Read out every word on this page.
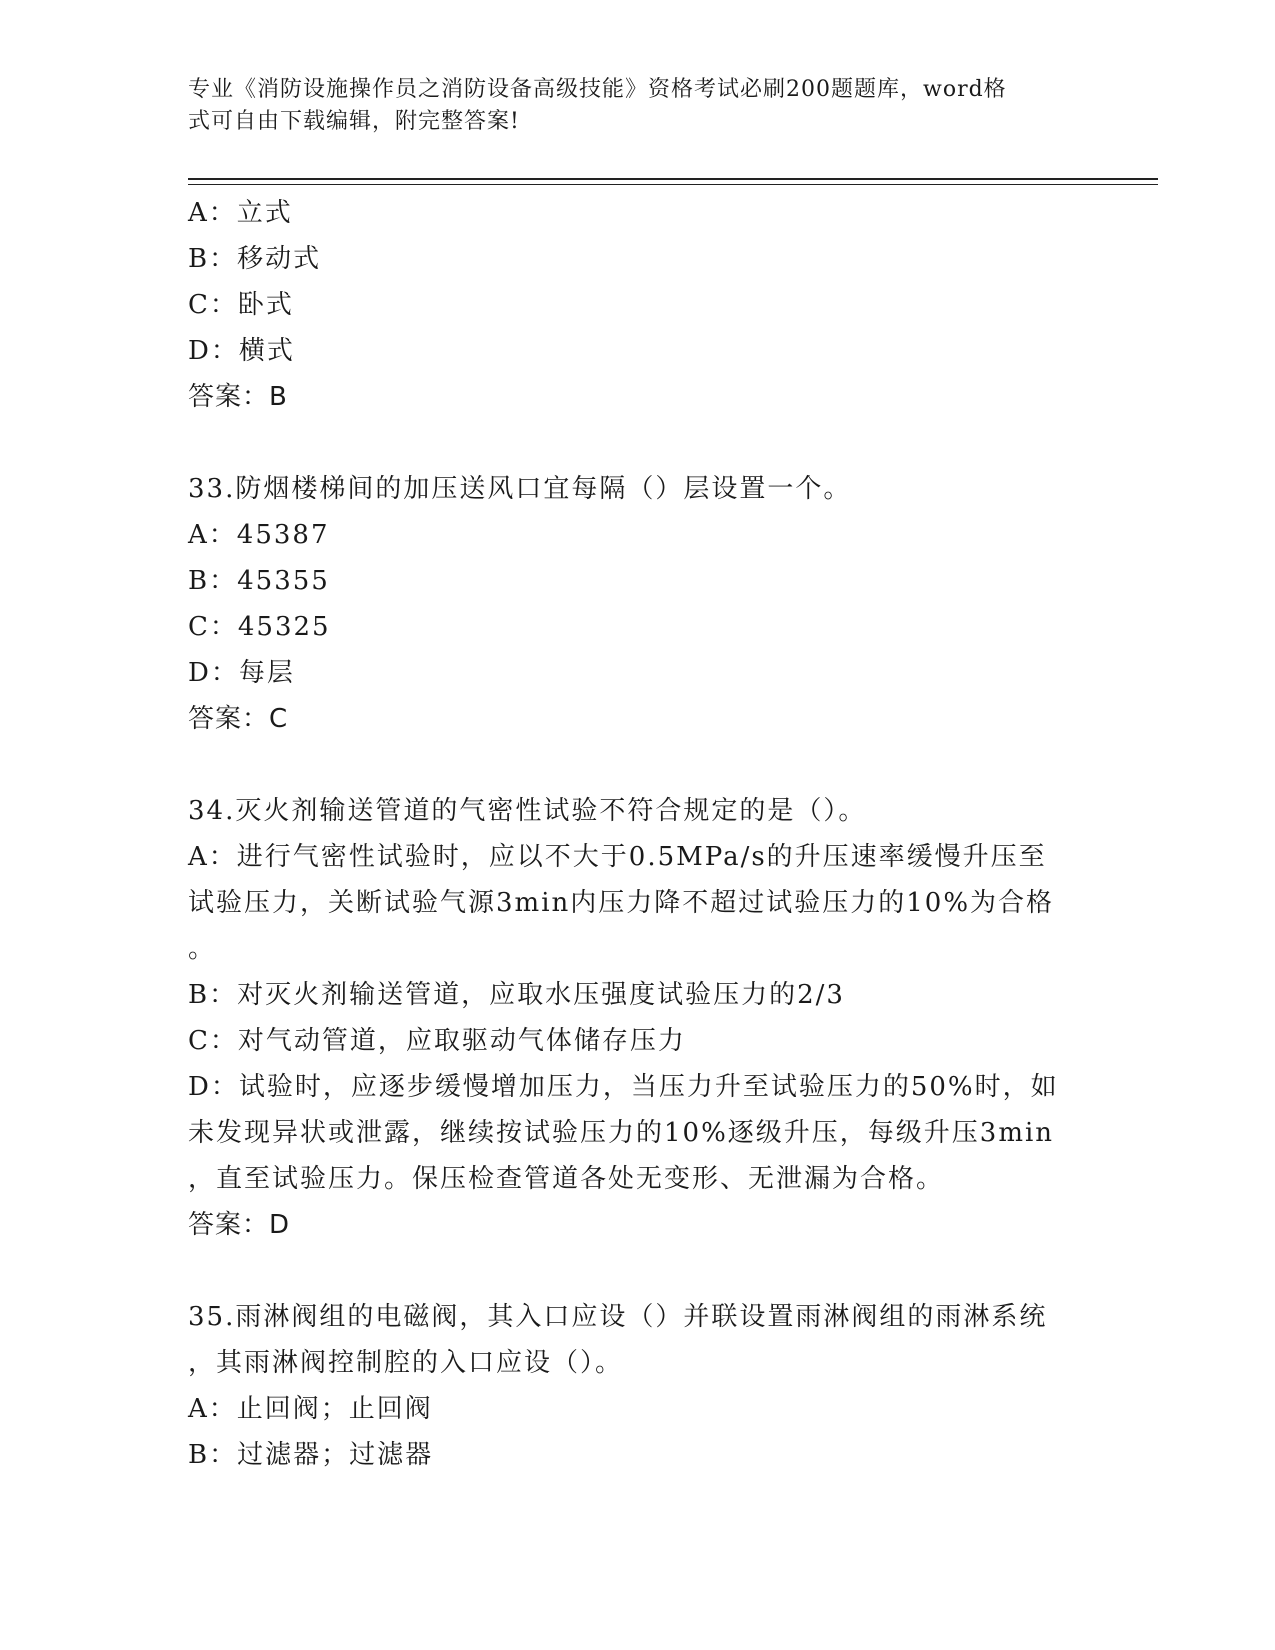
专业《消防设施操作员之消防设备高级技能》资格考试必刷200题题库，word格
式可自由下载编辑，附完整答案!
A：立式
B：移动式
C：卧式
D：横式
答案：B
33.防烟楼梯间的加压送风口宜每隔（）层设置一个。
A：45387
B：45355
C：45325
D：每层
答案：C
34.灭火剂输送管道的气密性试验不符合规定的是（）。
A：进行气密性试验时，应以不大于0.5MPa/s的升压速率缓慢升压至
试验压力，关断试验气源3min内压力降不超过试验压力的10%为合格
。
B：对灭火剂输送管道，应取水压强度试验压力的2/3
C：对气动管道，应取驱动气体储存压力
D：试验时，应逐步缓慢增加压力，当压力升至试验压力的50%时，如
未发现异状或泄露，继续按试验压力的10%逐级升压，每级升压3min
，直至试验压力。保压检查管道各处无变形、无泄漏为合格。
答案：D
35.雨淋阀组的电磁阀，其入口应设（）并联设置雨淋阀组的雨淋系统
，其雨淋阀控制腔的入口应设（）。
A：止回阀；止回阀
B：过滤器；过滤器
